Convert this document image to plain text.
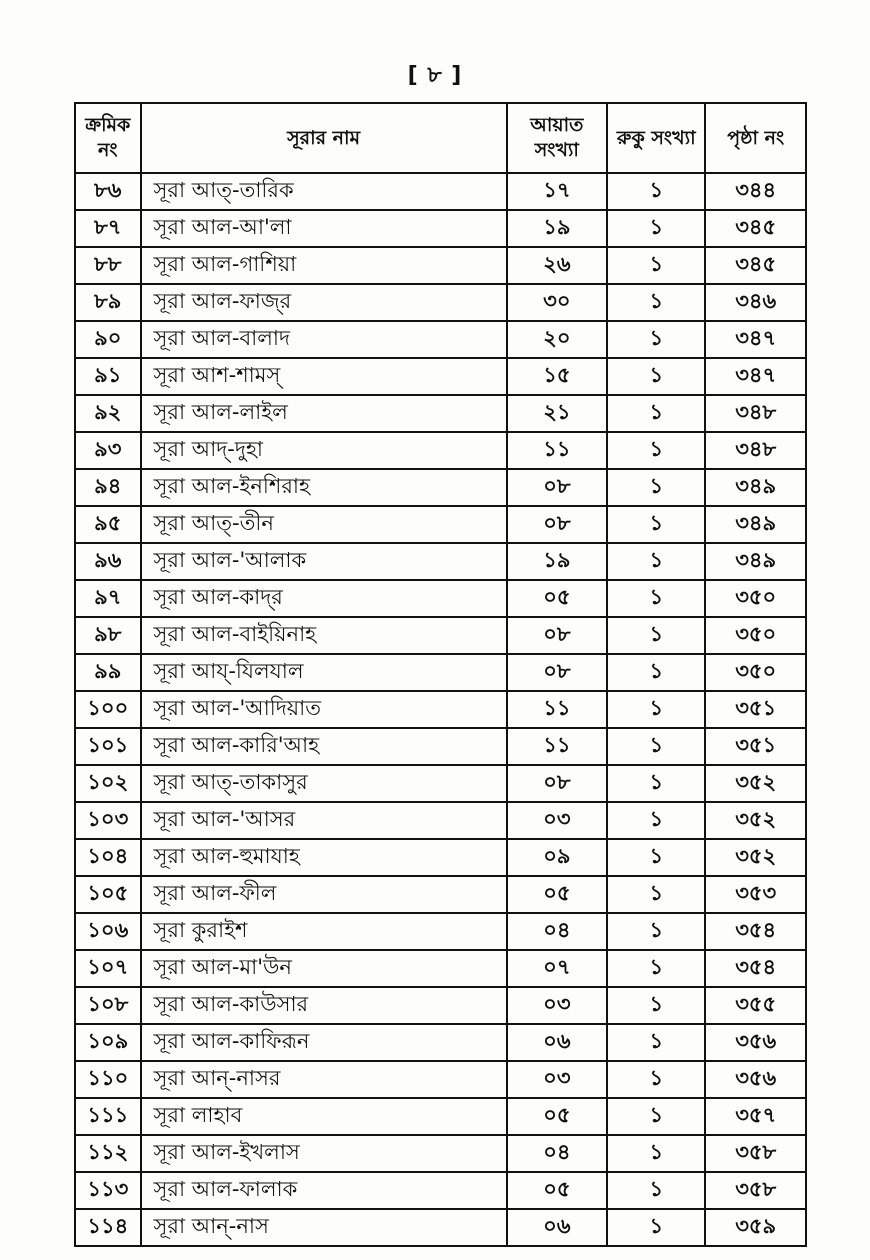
[ ৮ ]
ক্রমিক নং	সূরার নাম	আয়াত সংখ্যা	রুকু সংখ্যা	পৃষ্ঠা নং
৮৬	সূরা আত্-তারিক	১৭	১	৩৪৪
৮৭	সূরা আল-আ'লা	১৯	১	৩৪৫
৮৮	সূরা আল-গাশিয়া	২৬	১	৩৪৫
৮৯	সূরা আল-ফাজ্‌র	৩০	১	৩৪৬
৯০	সূরা আল-বালাদ	২০	১	৩৪৭
৯১	সূরা আশ-শামস্	১৫	১	৩৪৭
৯২	সূরা আল-লাইল	২১	১	৩৪৮
৯৩	সূরা আদ্-দুহা	১১	১	৩৪৮
৯৪	সূরা আল-ইনশিরাহ	০৮	১	৩৪৯
৯৫	সূরা আত্-তীন	০৮	১	৩৪৯
৯৬	সূরা আল-'আলাক	১৯	১	৩৪৯
৯৭	সূরা আল-কাদ্‌র	০৫	১	৩৫০
৯৮	সূরা আল-বাইয়িনাহ	০৮	১	৩৫০
৯৯	সূরা আয্-যিলযাল	০৮	১	৩৫০
১০০	সূরা আল-'আদিয়াত	১১	১	৩৫১
১০১	সূরা আল-কারি'আহ	১১	১	৩৫১
১০২	সূরা আত্-তাকাসুর	০৮	১	৩৫২
১০৩	সূরা আল-'আসর	০৩	১	৩৫২
১০৪	সূরা আল-হুমাযাহ	০৯	১	৩৫২
১০৫	সূরা আল-ফীল	০৫	১	৩৫৩
১০৬	সূরা কুরাইশ	০৪	১	৩৫৪
১০৭	সূরা আল-মা'উন	০৭	১	৩৫৪
১০৮	সূরা আল-কাউসার	০৩	১	৩৫৫
১০৯	সূরা আল-কাফিরূন	০৬	১	৩৫৬
১১০	সূরা আন্-নাসর	০৩	১	৩৫৬
১১১	সূরা লাহাব	০৫	১	৩৫৭
১১২	সূরা আল-ইখলাস	০৪	১	৩৫৮
১১৩	সূরা আল-ফালাক	০৫	১	৩৫৮
১১৪	সূরা আন্-নাস	০৬	১	৩৫৯
